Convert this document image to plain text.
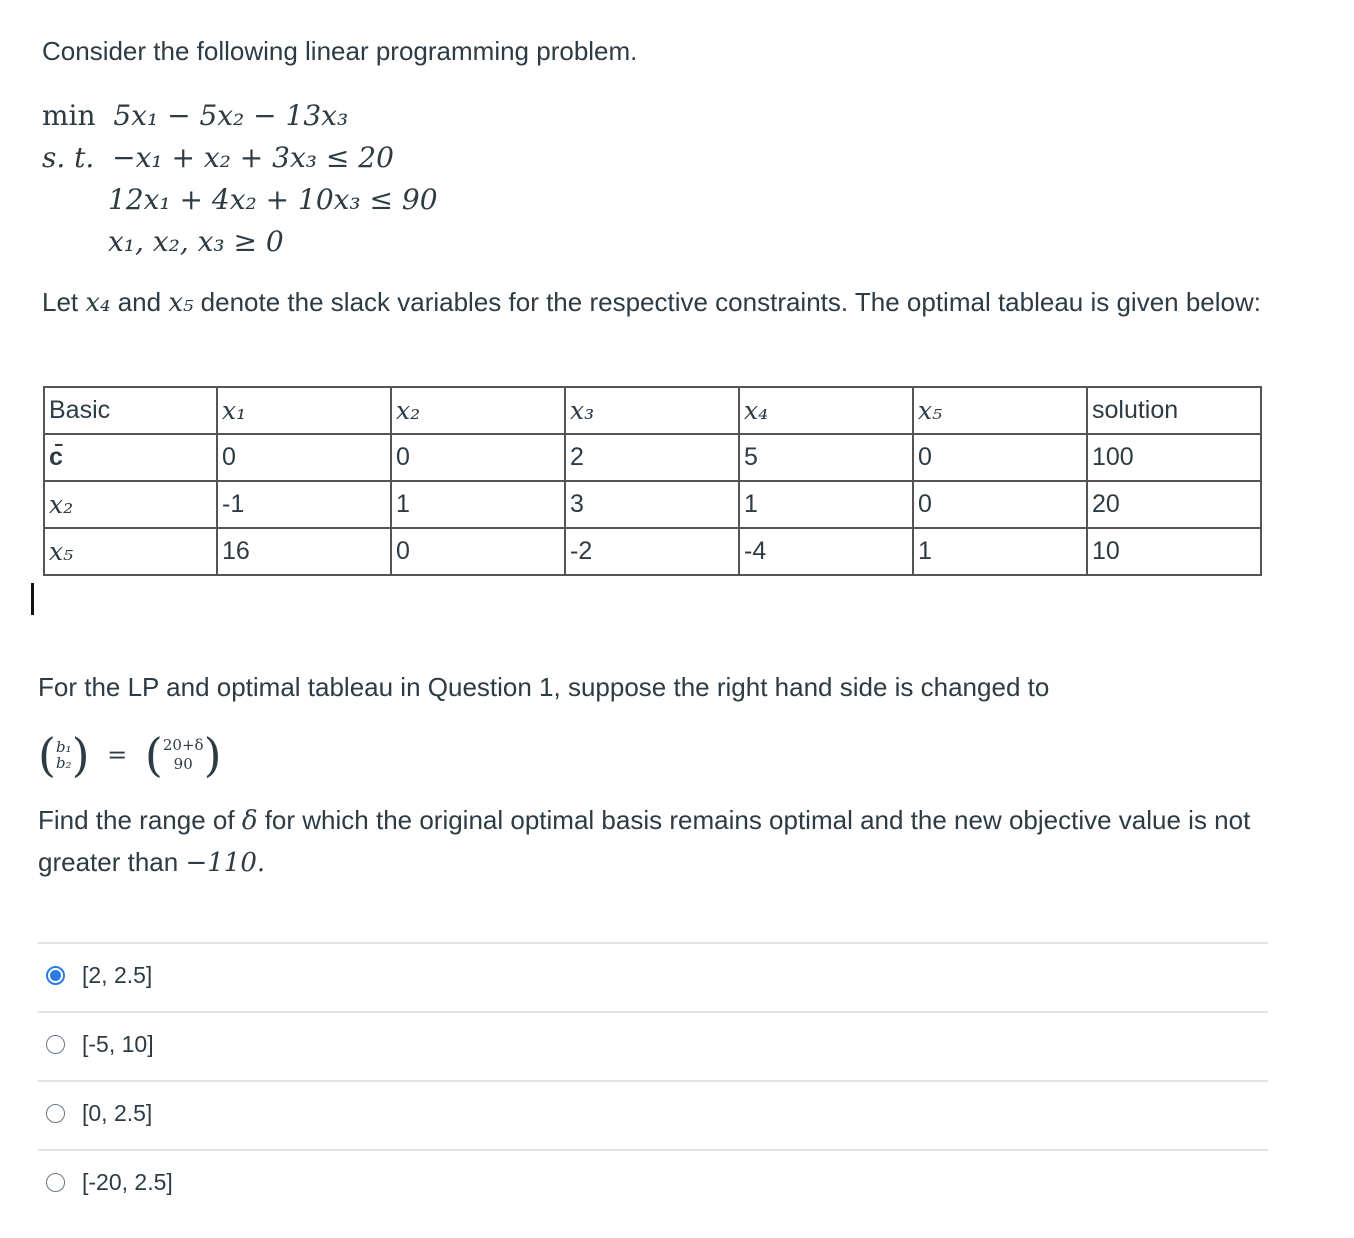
Consider the following linear programming problem.
min 5x₁ − 5x₂ − 13x₃
s. t. −x₁ + x₂ + 3x₃ ≤ 20
12x₁ + 4x₂ + 10x₃ ≤ 90
x₁, x₂, x₃ ≥ 0
Let x₄ and x₅ denote the slack variables for the respective constraints. The optimal tableau is given below:
Basic	x₁	x₂	x₃	x₄	x₅	solution
c̄	0	0	2	5	0	100
x₂	-1	1	3	1	0	20
x₅	16	0	-2	-4	1	10
For the LP and optimal tableau in Question 1, suppose the right hand side is changed to
( b₁
b₂ ) = ( 20+δ
90 )
Find the range of δ for which the original optimal basis remains optimal and the new objective value is not greater than −110.
[2, 2.5]
[-5, 10]
[0, 2.5]
[-20, 2.5]
